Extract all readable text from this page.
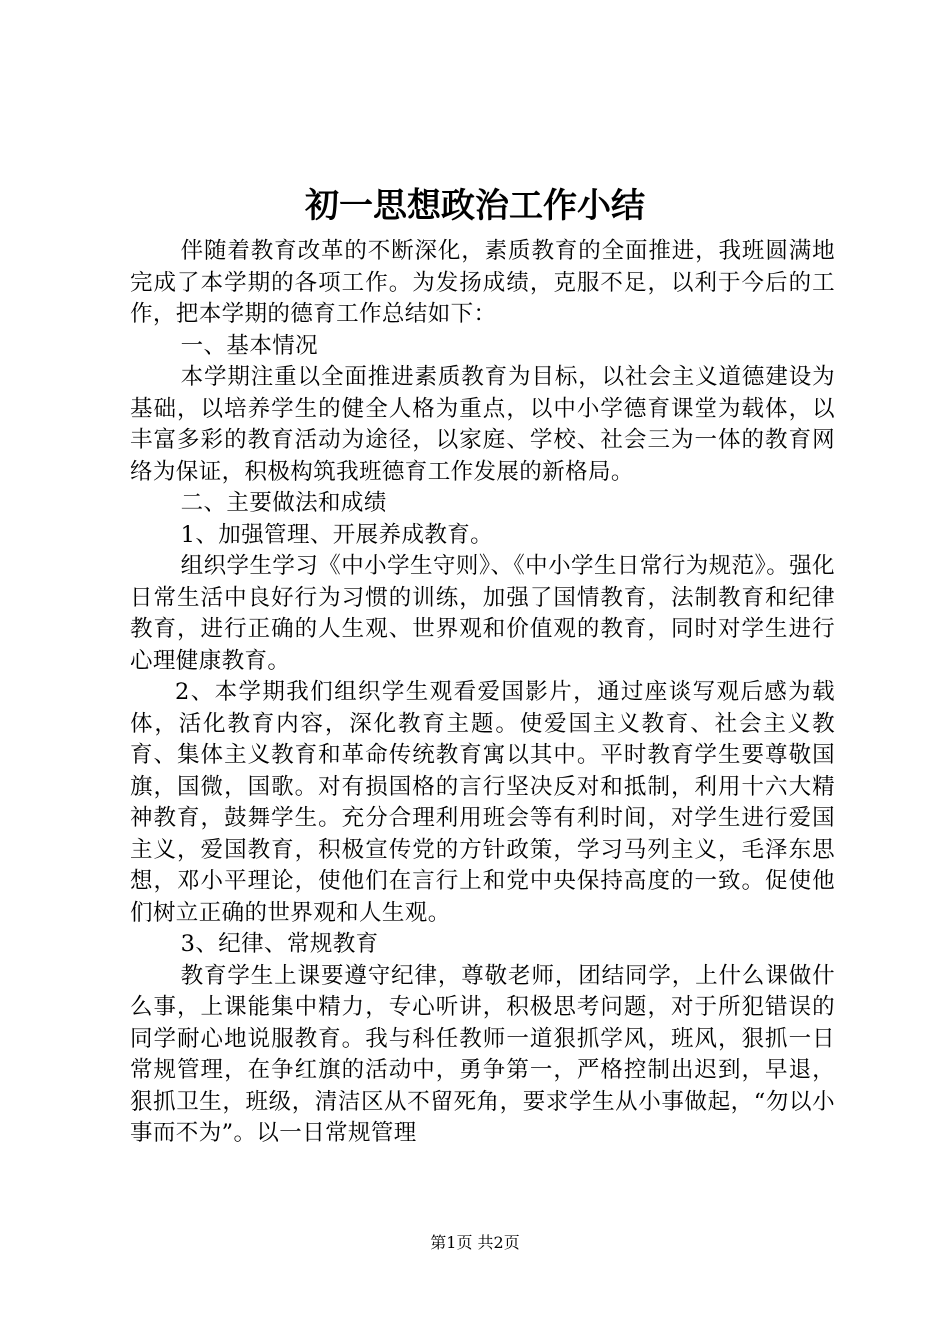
初一思想政治工作小结

伴随着教育改革的不断深化，素质教育的全面推进，我班圆满地完成了本学期的各项工作。为发扬成绩，克服不足，以利于今后的工作，把本学期的德育工作总结如下：

一、基本情况

本学期注重以全面推进素质教育为目标，以社会主义道德建设为基础，以培养学生的健全人格为重点，以中小学德育课堂为载体，以丰富多彩的教育活动为途径，以家庭、学校、社会三为一体的教育网络为保证，积极构筑我班德育工作发展的新格局。

二、主要做法和成绩

1、加强管理、开展养成教育。

组织学生学习《中小学生守则》、《中小学生日常行为规范》。强化日常生活中良好行为习惯的训练，加强了国情教育，法制教育和纪律教育，进行正确的人生观、世界观和价值观的教育，同时对学生进行心理健康教育。

2、本学期我们组织学生观看爱国影片，通过座谈写观后感为载体，活化教育内容，深化教育主题。使爱国主义教育、社会主义教育、集体主义教育和革命传统教育寓以其中。平时教育学生要尊敬国旗，国微，国歌。对有损国格的言行坚决反对和抵制，利用十六大精神教育，鼓舞学生。充分合理利用班会等有利时间，对学生进行爱国主义，爱国教育，积极宣传党的方针政策，学习马列主义，毛泽东思想，邓小平理论，使他们在言行上和党中央保持高度的一致。促使他们树立正确的世界观和人生观。

3、纪律、常规教育

教育学生上课要遵守纪律，尊敬老师，团结同学，上什么课做什么事，上课能集中精力，专心听讲，积极思考问题，对于所犯错误的同学耐心地说服教育。我与科任教师一道狠抓学风，班风，狠抓一日常规管理，在争红旗的活动中，勇争第一，严格控制出迟到，早退，狠抓卫生，班级，清洁区从不留死角，要求学生从小事做起，“勿以小事而不为”。以一日常规管理

第1页 共2页
